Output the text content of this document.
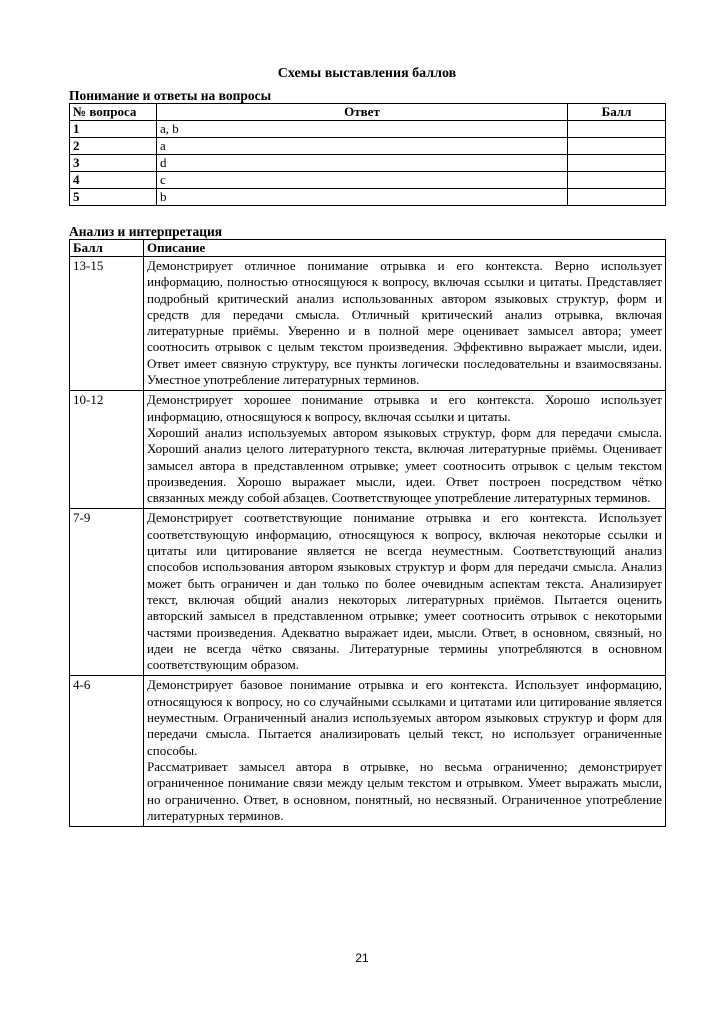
Схемы выставления баллов

Понимание и ответы на вопросы

№ вопроса	Ответ	Балл
1	a, b	
2	a	
3	d	
4	c	
5	b	

Анализ и интерпретация

Балл	Описание
13-15	Демонстрирует отличное понимание отрывка и его контекста. Верно использует информацию, полностью относящуюся к вопросу, включая ссылки и цитаты. Представляет подробный критический анализ использованных автором языковых структур, форм и средств для передачи смысла. Отличный критический анализ отрывка, включая литературные приёмы. Уверенно и в полной мере оценивает замысел автора; умеет соотносить отрывок с целым текстом произведения. Эффективно выражает мысли, идеи. Ответ имеет связную структуру, все пункты логически последовательны и взаимосвязаны. Уместное употребление литературных терминов.

10-12	Демонстрирует хорошее понимание отрывка и его контекста. Хорошо использует информацию, относящуюся к вопросу, включая ссылки и цитаты.

Хороший анализ используемых автором языковых структур, форм для передачи смысла. Хороший анализ целого литературного текста, включая литературные приёмы. Оценивает замысел автора в представленном отрывке; умеет соотносить отрывок с целым текстом произведения. Хорошо выражает мысли, идеи. Ответ построен посредством чётко связанных между собой абзацев. Соответствующее употребление литературных терминов.

7-9	Демонстрирует соответствующие понимание отрывка и его контекста. Использует соответствующую информацию, относящуюся к вопросу, включая некоторые ссылки и цитаты или цитирование является не всегда неуместным. Соответствующий анализ способов использования автором языковых структур и форм для передачи смысла. Анализ может быть ограничен и дан только по более очевидным аспектам текста. Анализирует текст, включая общий анализ некоторых литературных приёмов. Пытается оценить авторский замысел в представленном отрывке; умеет соотносить отрывок с некоторыми частями произведения. Адекватно выражает идеи, мысли. Ответ, в основном, связный, но идеи не всегда чётко связаны. Литературные термины употребляются в основном соответствующим образом.

4-6	Демонстрирует базовое понимание отрывка и его контекста. Использует информацию, относящуюся к вопросу, но со случайными ссылками и цитатами или цитирование является неуместным. Ограниченный анализ используемых автором языковых структур и форм для передачи смысла. Пытается анализировать целый текст, но использует ограниченные способы.

Рассматривает замысел автора в отрывке, но весьма ограниченно; демонстрирует ограниченное понимание связи между целым текстом и отрывком. Умеет выражать мысли, но ограниченно. Ответ, в основном, понятный, но несвязный. Ограниченное употребление литературных терминов.

21
